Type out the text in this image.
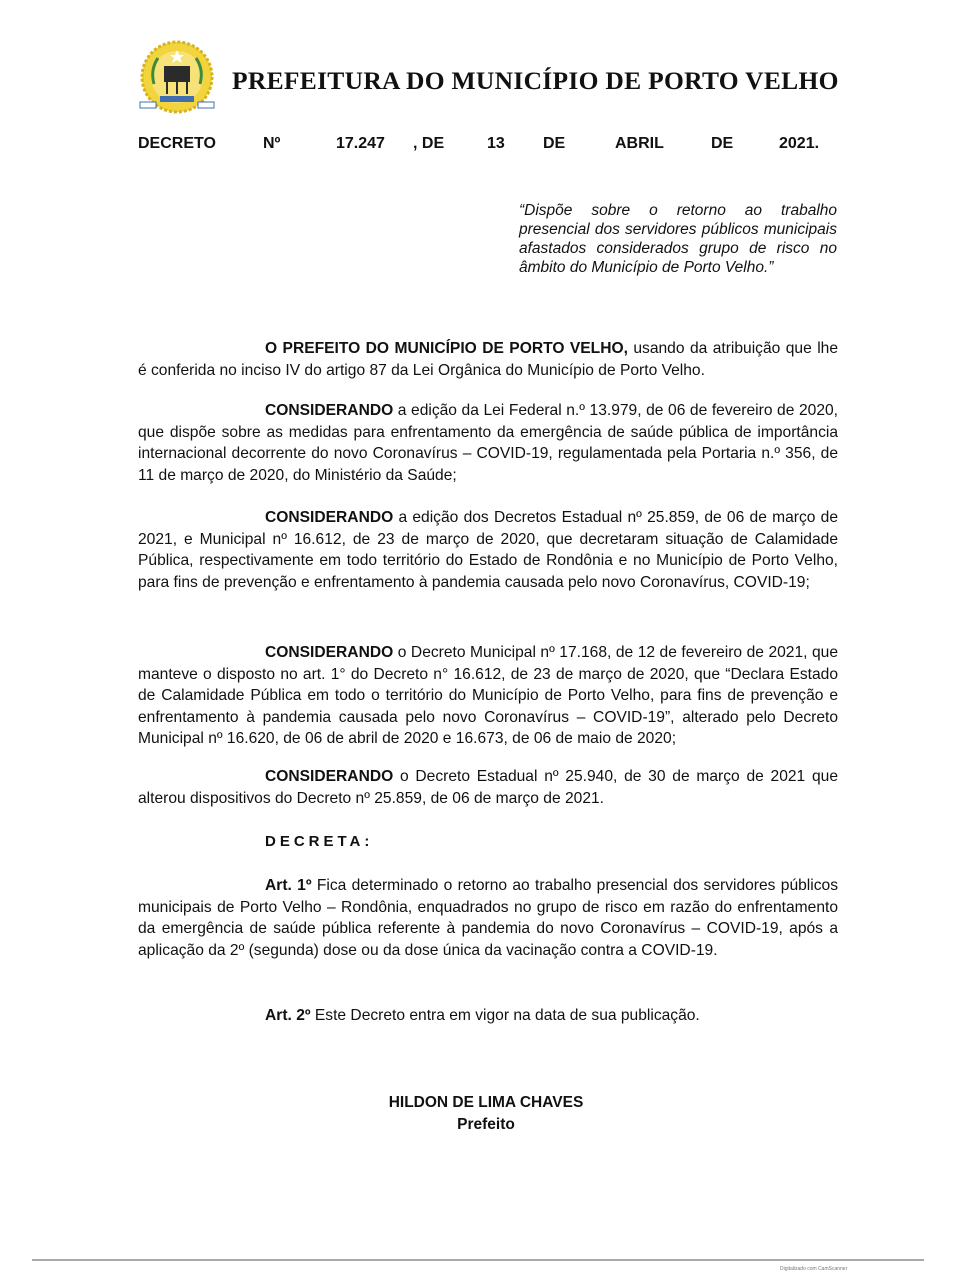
PREFEITURA DO MUNICÍPIO DE PORTO VELHO
DECRETO	Nº	17.247 , DE	13 DE	ABRIL	DE	2021.
“Dispõe sobre o retorno ao trabalho presencial dos servidores públicos municipais afastados considerados grupo de risco no âmbito do Município de Porto Velho.”
O PREFEITO DO MUNICÍPIO DE PORTO VELHO, usando da atribuição que lhe é conferida no inciso IV do artigo 87 da Lei Orgânica do Município de Porto Velho.
CONSIDERANDO a edição da Lei Federal n.º 13.979, de 06 de fevereiro de 2020, que dispõe sobre as medidas para enfrentamento da emergência de saúde pública de importância internacional decorrente do novo Coronavírus – COVID-19, regulamentada pela Portaria n.º 356, de 11 de março de 2020, do Ministério da Saúde;
CONSIDERANDO a edição dos Decretos Estadual nº 25.859, de 06 de março de 2021, e Municipal nº 16.612, de 23 de março de 2020, que decretaram situação de Calamidade Pública, respectivamente em todo território do Estado de Rondônia e no Município de Porto Velho, para fins de prevenção e enfrentamento à pandemia causada pelo novo Coronavírus, COVID-19;
CONSIDERANDO o Decreto Municipal nº 17.168, de 12 de fevereiro de 2021, que manteve o disposto no art. 1° do Decreto n° 16.612, de 23 de março de 2020, que “Declara Estado de Calamidade Pública em todo o território do Município de Porto Velho, para fins de prevenção e enfrentamento à pandemia causada pelo novo Coronavírus – COVID-19”, alterado pelo Decreto Municipal nº 16.620, de 06 de abril de 2020 e 16.673, de 06 de maio de 2020;
CONSIDERANDO o Decreto Estadual nº 25.940, de 30 de março de 2021 que alterou dispositivos do Decreto nº 25.859, de 06 de março de 2021.
DECRETA:
Art. 1º Fica determinado o retorno ao trabalho presencial dos servidores públicos municipais de Porto Velho – Rondônia, enquadrados no grupo de risco em razão do enfrentamento da emergência de saúde pública referente à pandemia do novo Coronavírus – COVID-19, após a aplicação da 2º (segunda) dose ou da dose única da vacinação contra a COVID-19.
Art. 2º Este Decreto entra em vigor na data de sua publicação.
HILDON DE LIMA CHAVES
Prefeito
Digitalizado com CamScanner
